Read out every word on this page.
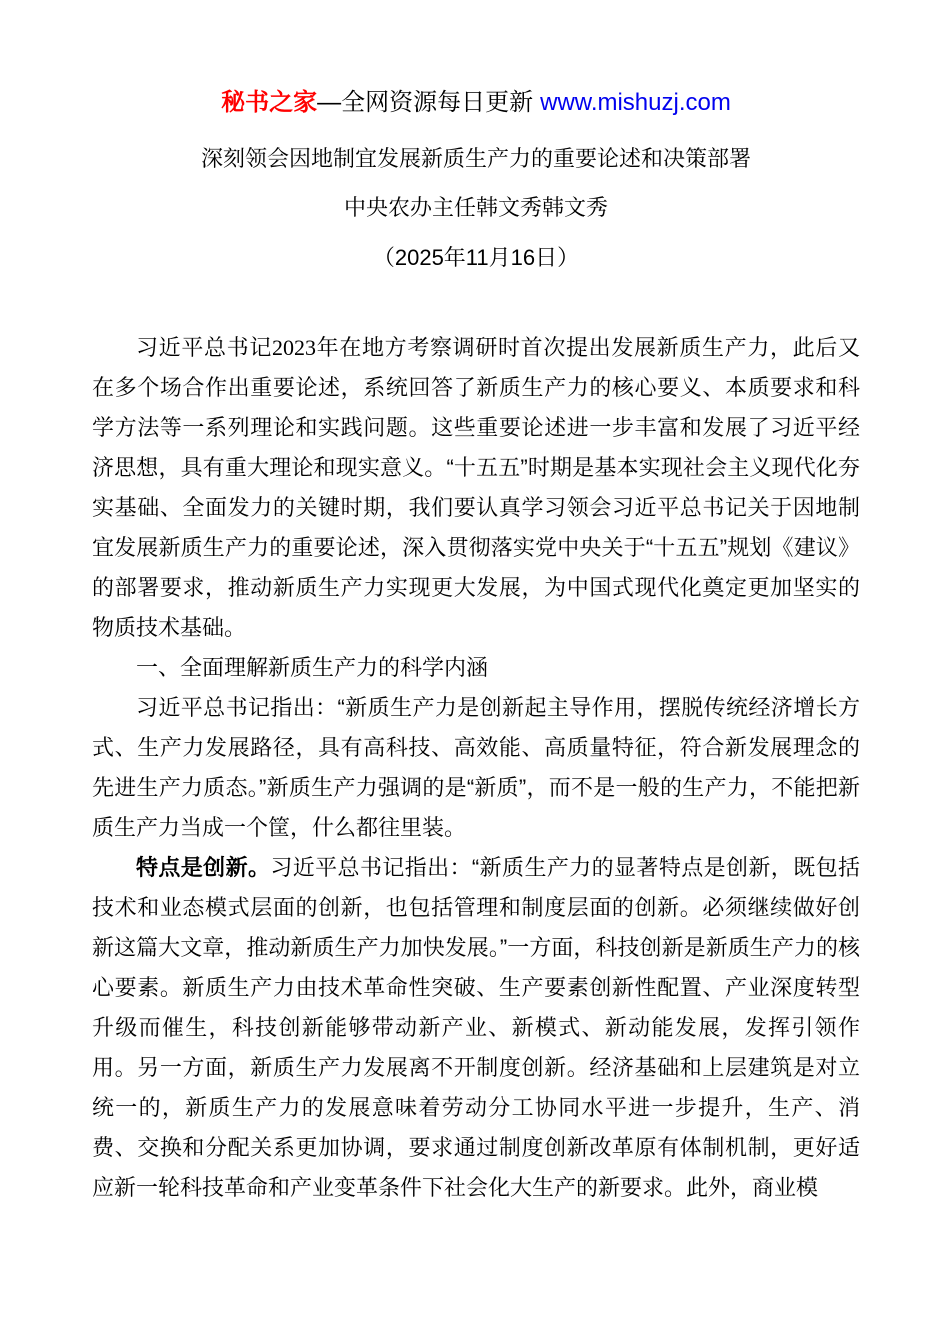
秘书之家—全网资源每日更新 www.mishuzj.com
深刻领会因地制宜发展新质生产力的重要论述和决策部署
中央农办主任韩文秀韩文秀
（2025年11月16日）

习近平总书记2023年在地方考察调研时首次提出发展新质生产力，此后又在多个场合作出重要论述，系统回答了新质生产力的核心要义、本质要求和科学方法等一系列理论和实践问题。这些重要论述进一步丰富和发展了习近平经济思想，具有重大理论和现实意义。“十五五”时期是基本实现社会主义现代化夯实基础、全面发力的关键时期，我们要认真学习领会习近平总书记关于因地制宜发展新质生产力的重要论述，深入贯彻落实党中央关于“十五五”规划《建议》的部署要求，推动新质生产力实现更大发展，为中国式现代化奠定更加坚实的物质技术基础。

一、全面理解新质生产力的科学内涵

习近平总书记指出：“新质生产力是创新起主导作用，摆脱传统经济增长方式、生产力发展路径，具有高科技、高效能、高质量特征，符合新发展理念的先进生产力质态。”新质生产力强调的是“新质”，而不是一般的生产力，不能把新质生产力当成一个筐，什么都往里装。

特点是创新。习近平总书记指出：“新质生产力的显著特点是创新，既包括技术和业态模式层面的创新，也包括管理和制度层面的创新。必须继续做好创新这篇大文章，推动新质生产力加快发展。”一方面，科技创新是新质生产力的核心要素。新质生产力由技术革命性突破、生产要素创新性配置、产业深度转型升级而催生，科技创新能够带动新产业、新模式、新动能发展，发挥引领作用。另一方面，新质生产力发展离不开制度创新。经济基础和上层建筑是对立统一的，新质生产力的发展意味着劳动分工协同水平进一步提升，生产、消费、交换和分配关系更加协调，要求通过制度创新改革原有体制机制，更好适应新一轮科技革命和产业变革条件下社会化大生产的新要求。此外，商业模
